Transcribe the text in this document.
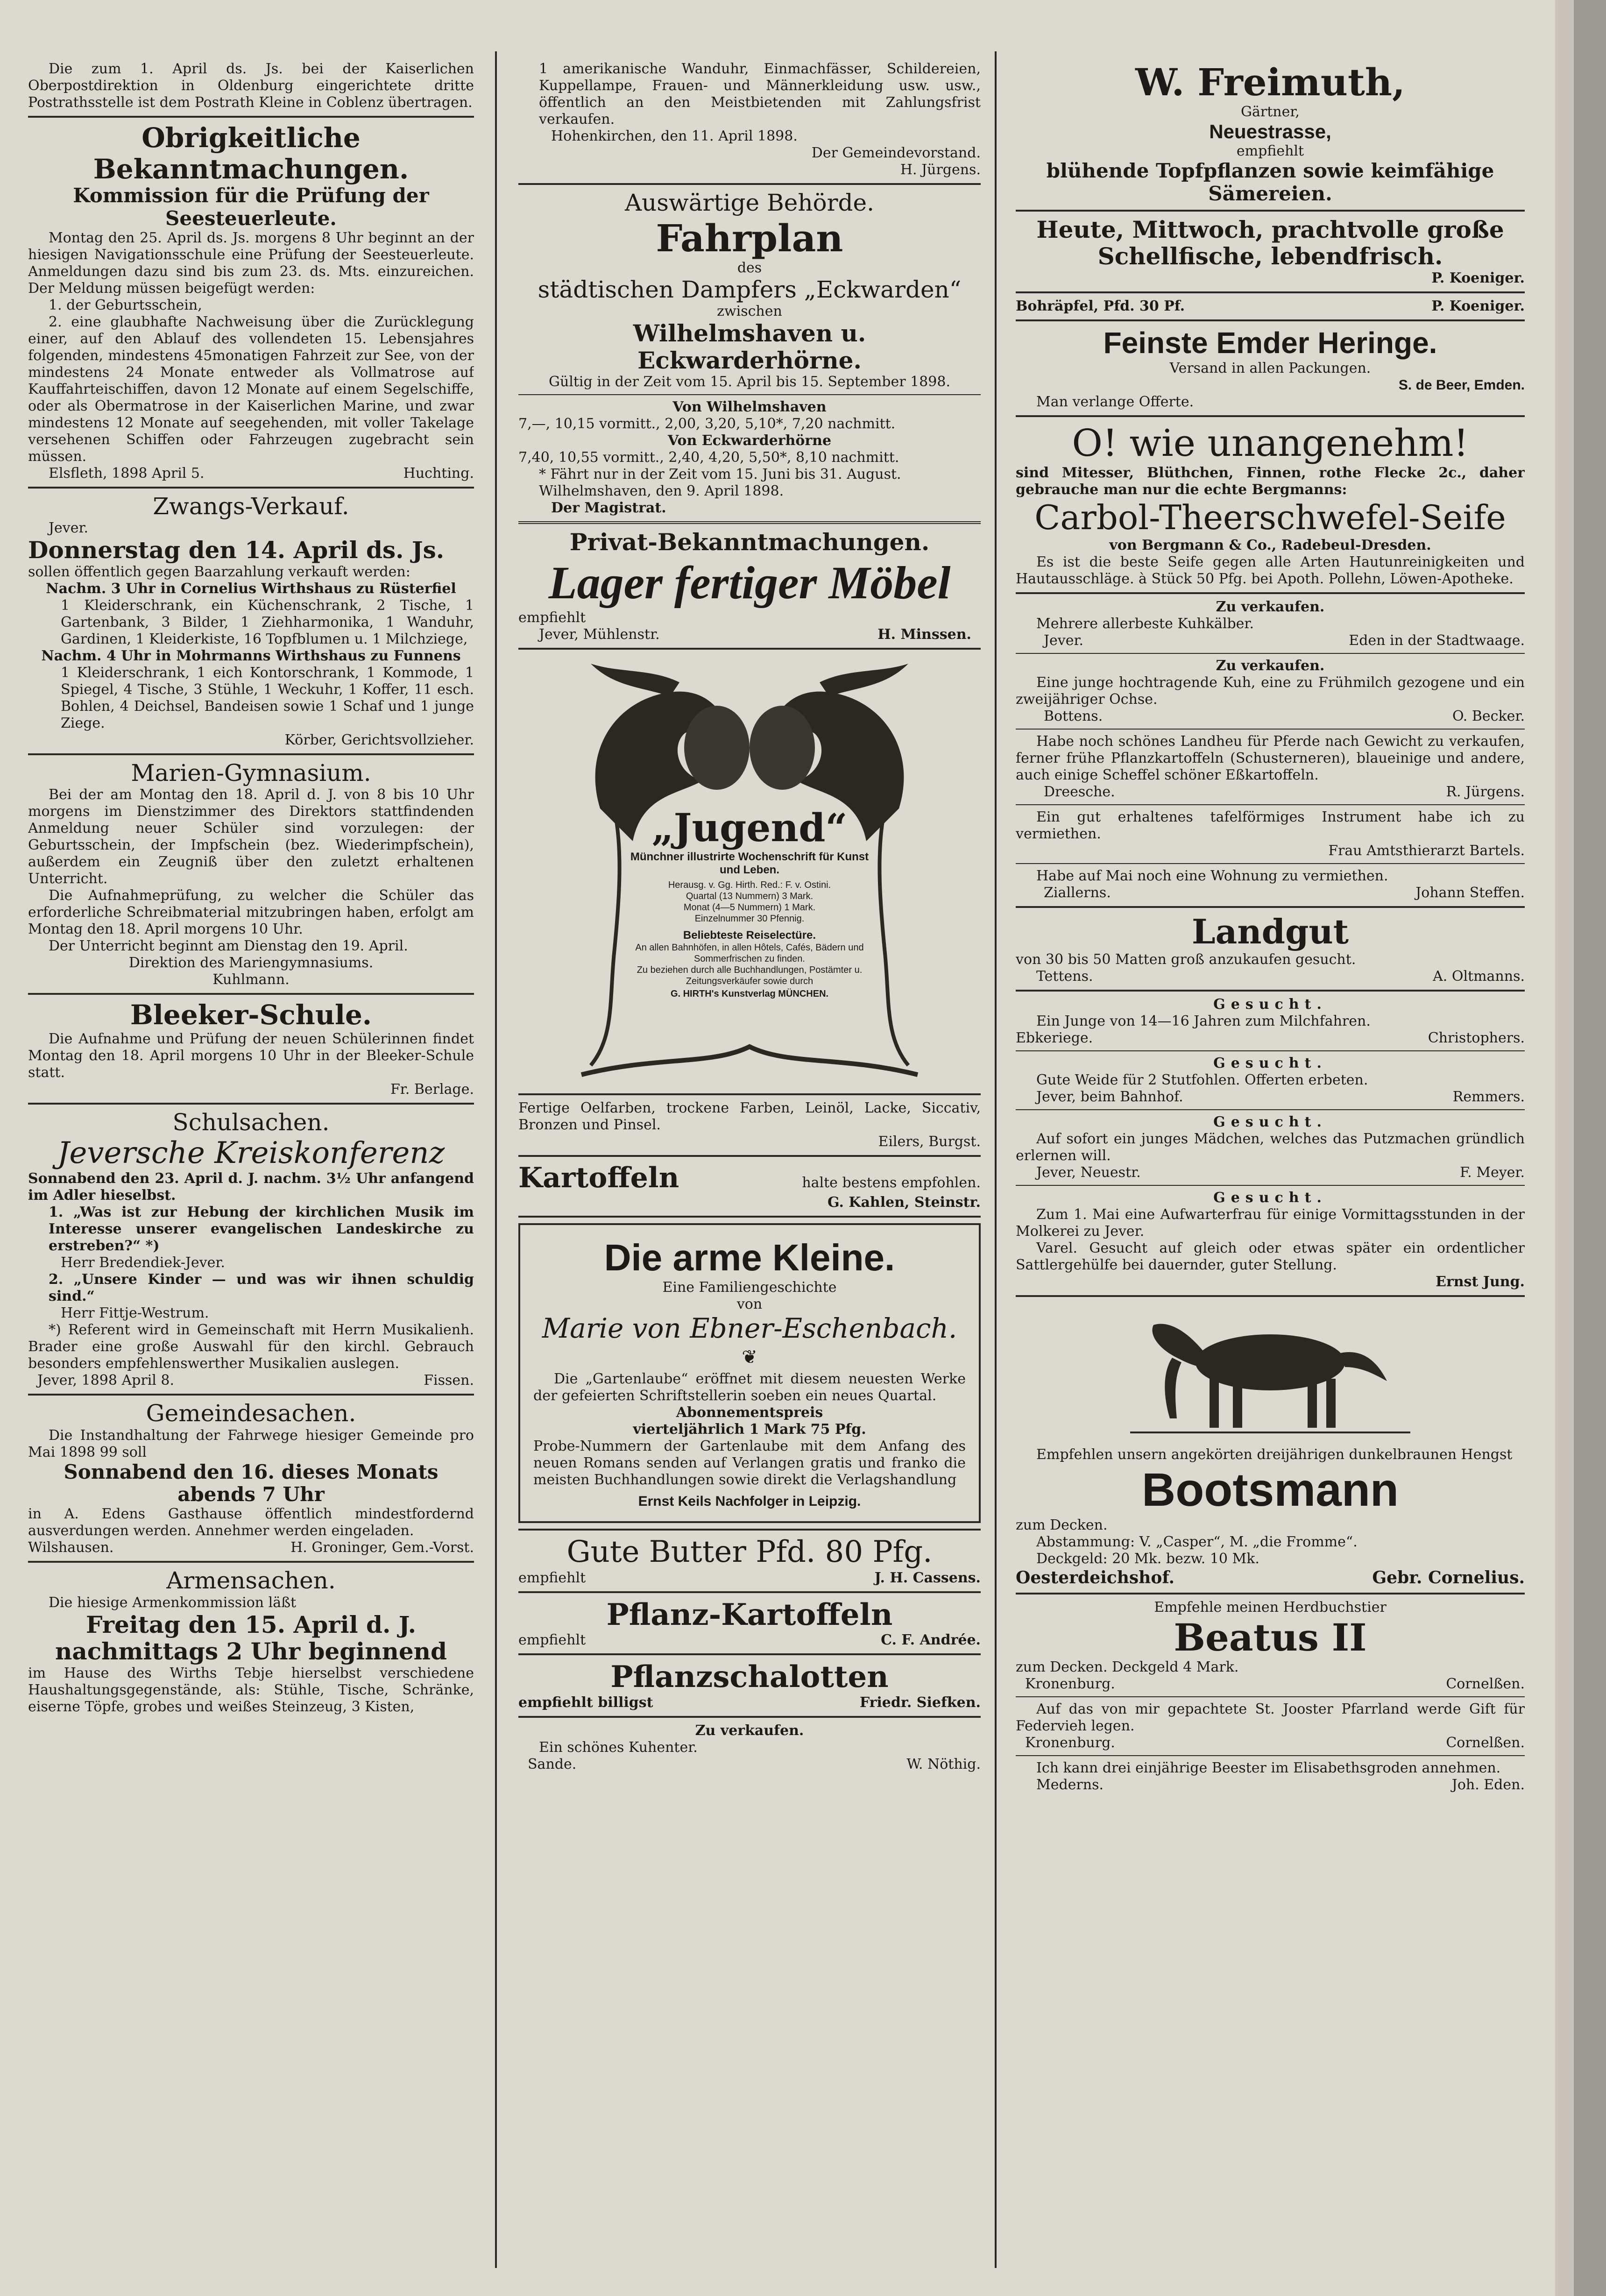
Die zum 1. April ds. Js. bei der Kaiserlichen Oberpostdirektion in Oldenburg eingerichtete dritte Postrathsstelle ist dem Postrath Kleine in Coblenz übertragen.

Obrigkeitliche Bekanntmachungen.

Kommission für die Prüfung der Seesteuerleute.

Montag den 25. April ds. Js. morgens 8 Uhr beginnt an der hiesigen Navigationsschule eine Prüfung der Seesteuerleute. Anmeldungen dazu sind bis zum 23. ds. Mts. einzureichen. Der Meldung müssen beigefügt werden:

1. der Geburtsschein,

2. eine glaubhafte Nachweisung über die Zurücklegung einer, auf den Ablauf des vollendeten 15. Lebensjahres folgenden, mindestens 45monatigen Fahrzeit zur See, von der mindestens 24 Monate entweder als Vollmatrose auf Kauffahrteischiffen, davon 12 Monate auf einem Segelschiffe, oder als Obermatrose in der Kaiserlichen Marine, und zwar mindestens 12 Monate auf seegehenden, mit voller Takelage versehenen Schiffen oder Fahrzeugen zugebracht sein müssen.

Elsfleth, 1898 April 5.	Huchting.

Zwangs-Verkauf.

Jever.

Donnerstag den 14. April ds. Js.

sollen öffentlich gegen Baarzahlung verkauft werden:

Nachm. 3 Uhr in Cornelius Wirthshaus zu Rüsterfiel

1 Kleiderschrank, ein Küchenschrank, 2 Tische, 1 Gartenbank, 3 Bilder, 1 Ziehharmonika, 1 Wanduhr, Gardinen, 1 Kleiderkiste, 16 Topfblumen u. 1 Milchziege,

Nachm. 4 Uhr in Mohrmanns Wirthshaus zu Funnens

1 Kleiderschrank, 1 eich Kontorschrank, 1 Kommode, 1 Spiegel, 4 Tische, 3 Stühle, 1 Weckuhr, 1 Koffer, 11 esch. Bohlen, 4 Deichsel, Bandeisen sowie 1 Schaf und 1 junge Ziege.

Körber, Gerichtsvollzieher.

Marien-Gymnasium.

Bei der am Montag den 18. April d. J. von 8 bis 10 Uhr morgens im Dienstzimmer des Direktors stattfindenden Anmeldung neuer Schüler sind vorzulegen: der Geburtsschein, der Impfschein (bez. Wiederimpfschein), außerdem ein Zeugniß über den zuletzt erhaltenen Unterricht.

Die Aufnahmeprüfung, zu welcher die Schüler das erforderliche Schreibmaterial mitzubringen haben, erfolgt am Montag den 18. April morgens 10 Uhr.

Der Unterricht beginnt am Dienstag den 19. April.

Direktion des Mariengymnasiums.

Kuhlmann.

Bleeker-Schule.

Die Aufnahme und Prüfung der neuen Schülerinnen findet Montag den 18. April morgens 10 Uhr in der Bleeker-Schule statt.

Fr. Berlage.

Schulsachen.

Jeversche Kreiskonferenz

Sonnabend den 23. April d. J. nachm. 3½ Uhr anfangend im Adler hieselbst.

1. „Was ist zur Hebung der kirchlichen Musik im Interesse unserer evangelischen Landeskirche zu erstreben?“ *)

Herr Bredendiek-Jever.

2. „Unsere Kinder — und was wir ihnen schuldig sind.“

Herr Fittje-Westrum.

*) Referent wird in Gemeinschaft mit Herrn Musikalienh. Brader eine große Auswahl für den kirchl. Gebrauch besonders empfehlenswerther Musikalien auslegen.

Jever, 1898 April 8.	Fissen.

Gemeindesachen.

Die Instandhaltung der Fahrwege hiesiger Gemeinde pro Mai 1898 99 soll

Sonnabend den 16. dieses Monats abends 7 Uhr

in A. Edens Gasthause öffentlich mindestfordernd ausverdungen werden. Annehmer werden eingeladen.

Wilshausen.	H. Groninger, Gem.-Vorst.

Armensachen.

Die hiesige Armenkommission läßt

Freitag den 15. April d. J. nachmittags 2 Uhr beginnend

im Hause des Wirths Tebje hierselbst verschiedene Haushaltungsgegenstände, als: Stühle, Tische, Schränke, eiserne Töpfe, grobes und weißes Steinzeug, 3 Kisten,

1 amerikanische Wanduhr, Einmachfässer, Schildereien, Kuppellampe, Frauen- und Männerkleidung usw. usw., öffentlich an den Meistbietenden mit Zahlungsfrist verkaufen.

Hohenkirchen, den 11. April 1898.

Der Gemeindevorstand.

H. Jürgens.

Auswärtige Behörde.

Fahrplan

des

städtischen Dampfers „Eckwarden“

zwischen

Wilhelmshaven u. Eckwarderhörne.

Gültig in der Zeit vom 15. April bis 15. September 1898.

Von Wilhelmshaven

7,—, 10,15 vormitt., 2,00, 3,20, 5,10*, 7,20 nachmitt.

Von Eckwarderhörne

7,40, 10,55 vormitt., 2,40, 4,20, 5,50*, 8,10 nachmitt.

* Fährt nur in der Zeit vom 15. Juni bis 31. August.

Wilhelmshaven, den 9. April 1898.

Der Magistrat.

Privat-Bekanntmachungen.

Lager fertiger Möbel

empfiehlt

Jever, Mühlenstr.	H. Minssen.
„Jugend“
Münchner illustrirte Wochenschrift für Kunst und Leben.
Herausg. v. Gg. Hirth. Red.: F. v. Ostini.
Quartal (13 Nummern) 3 Mark.
Monat (4—5 Nummern) 1 Mark.
Einzelnummer 30 Pfennig.
Beliebteste Reiselectüre.
An allen Bahnhöfen, in allen Hôtels, Cafés, Bädern und Sommerfrischen zu finden.
Zu beziehen durch alle Buchhandlungen, Postämter u. Zeitungsverkäufer sowie durch
G. HIRTH's Kunstverlag MÜNCHEN.

Fertige Oelfarben, trockene Farben, Leinöl, Lacke, Siccativ, Bronzen und Pinsel.

Eilers, Burgst.

Kartoffeln	halte bestens empfohlen.

G. Kahlen, Steinstr.

Die arme Kleine.

Eine Familiengeschichte

von

Marie von Ebner-Eschenbach.

❦

Die „Gartenlaube“ eröffnet mit diesem neuesten Werke der gefeierten Schriftstellerin soeben ein neues Quartal.

Abonnementspreis

vierteljährlich 1 Mark 75 Pfg.

Probe-Nummern der Gartenlaube mit dem Anfang des neuen Romans senden auf Verlangen gratis und franko die meisten Buchhandlungen sowie direkt die Verlagshandlung

Ernst Keils Nachfolger in Leipzig.

Gute Butter Pfd. 80 Pfg.

empfiehlt	J. H. Cassens.

Pflanz-Kartoffeln

empfiehlt	C. F. Andrée.

Pflanzschalotten

empfiehlt billigst	Friedr. Siefken.

Zu verkaufen.

Ein schönes Kuhenter.

Sande.	W. Nöthig.

W. Freimuth,

Gärtner,

Neuestrasse,

empfiehlt

blühende Topfpflanzen sowie keimfähige Sämereien.

Heute, Mittwoch, prachtvolle große Schellfische, lebendfrisch.

P. Koeniger.

Bohräpfel, Pfd. 30 Pf.	P. Koeniger.

Feinste Emder Heringe.

Versand in allen Packungen.

S. de Beer, Emden.

Man verlange Offerte.

O! wie unangenehm!

sind Mitesser, Blüthchen, Finnen, rothe Flecke 2c., daher gebrauche man nur die echte Bergmanns:

Carbol-Theerschwefel-Seife

von Bergmann & Co., Radebeul-Dresden.

Es ist die beste Seife gegen alle Arten Hautunreinigkeiten und Hautausschläge. à Stück 50 Pfg. bei Apoth. Pollehn, Löwen-Apotheke.

Zu verkaufen.

Mehrere allerbeste Kuhkälber.

Jever.	Eden in der Stadtwaage.

Zu verkaufen.

Eine junge hochtragende Kuh, eine zu Frühmilch gezogene und ein zweijähriger Ochse.

Bottens.	O. Becker.

Habe noch schönes Landheu für Pferde nach Gewicht zu verkaufen, ferner frühe Pflanzkartoffeln (Schusterneren), blaueinige und andere, auch einige Scheffel schöner Eßkartoffeln.

Dreesche.	R. Jürgens.

Ein gut erhaltenes tafelförmiges Instrument habe ich zu vermiethen.

Frau Amtsthierarzt Bartels.

Habe auf Mai noch eine Wohnung zu vermiethen.

Ziallerns.	Johann Steffen.

Landgut

von 30 bis 50 Matten groß anzukaufen gesucht.

Tettens.	A. Oltmanns.

Gesucht.

Ein Junge von 14—16 Jahren zum Milchfahren.

Ebkeriege.	Christophers.

Gesucht.

Gute Weide für 2 Stutfohlen. Offerten erbeten.

Jever, beim Bahnhof.	Remmers.

Gesucht.

Auf sofort ein junges Mädchen, welches das Putzmachen gründlich erlernen will.

Jever, Neuestr.	F. Meyer.

Gesucht.

Zum 1. Mai eine Aufwarterfrau für einige Vormittagsstunden in der Molkerei zu Jever.

Varel. Gesucht auf gleich oder etwas später ein ordentlicher Sattlergehülfe bei dauernder, guter Stellung.

Ernst Jung.

Empfehlen unsern angekörten dreijährigen dunkelbraunen Hengst

Bootsmann

zum Decken.

Abstammung: V. „Casper“, M. „die Fromme“.

Deckgeld: 20 Mk. bezw. 10 Mk.

Oesterdeichshof.	Gebr. Cornelius.

Empfehle meinen Herdbuchstier

Beatus II

zum Decken. Deckgeld 4 Mark.

Kronenburg.	Cornelßen.

Auf das von mir gepachtete St. Jooster Pfarrland werde Gift für Federvieh legen.

Kronenburg.	Cornelßen.

Ich kann drei einjährige Beester im Elisabethsgroden annehmen.

Mederns.	Joh. Eden.
